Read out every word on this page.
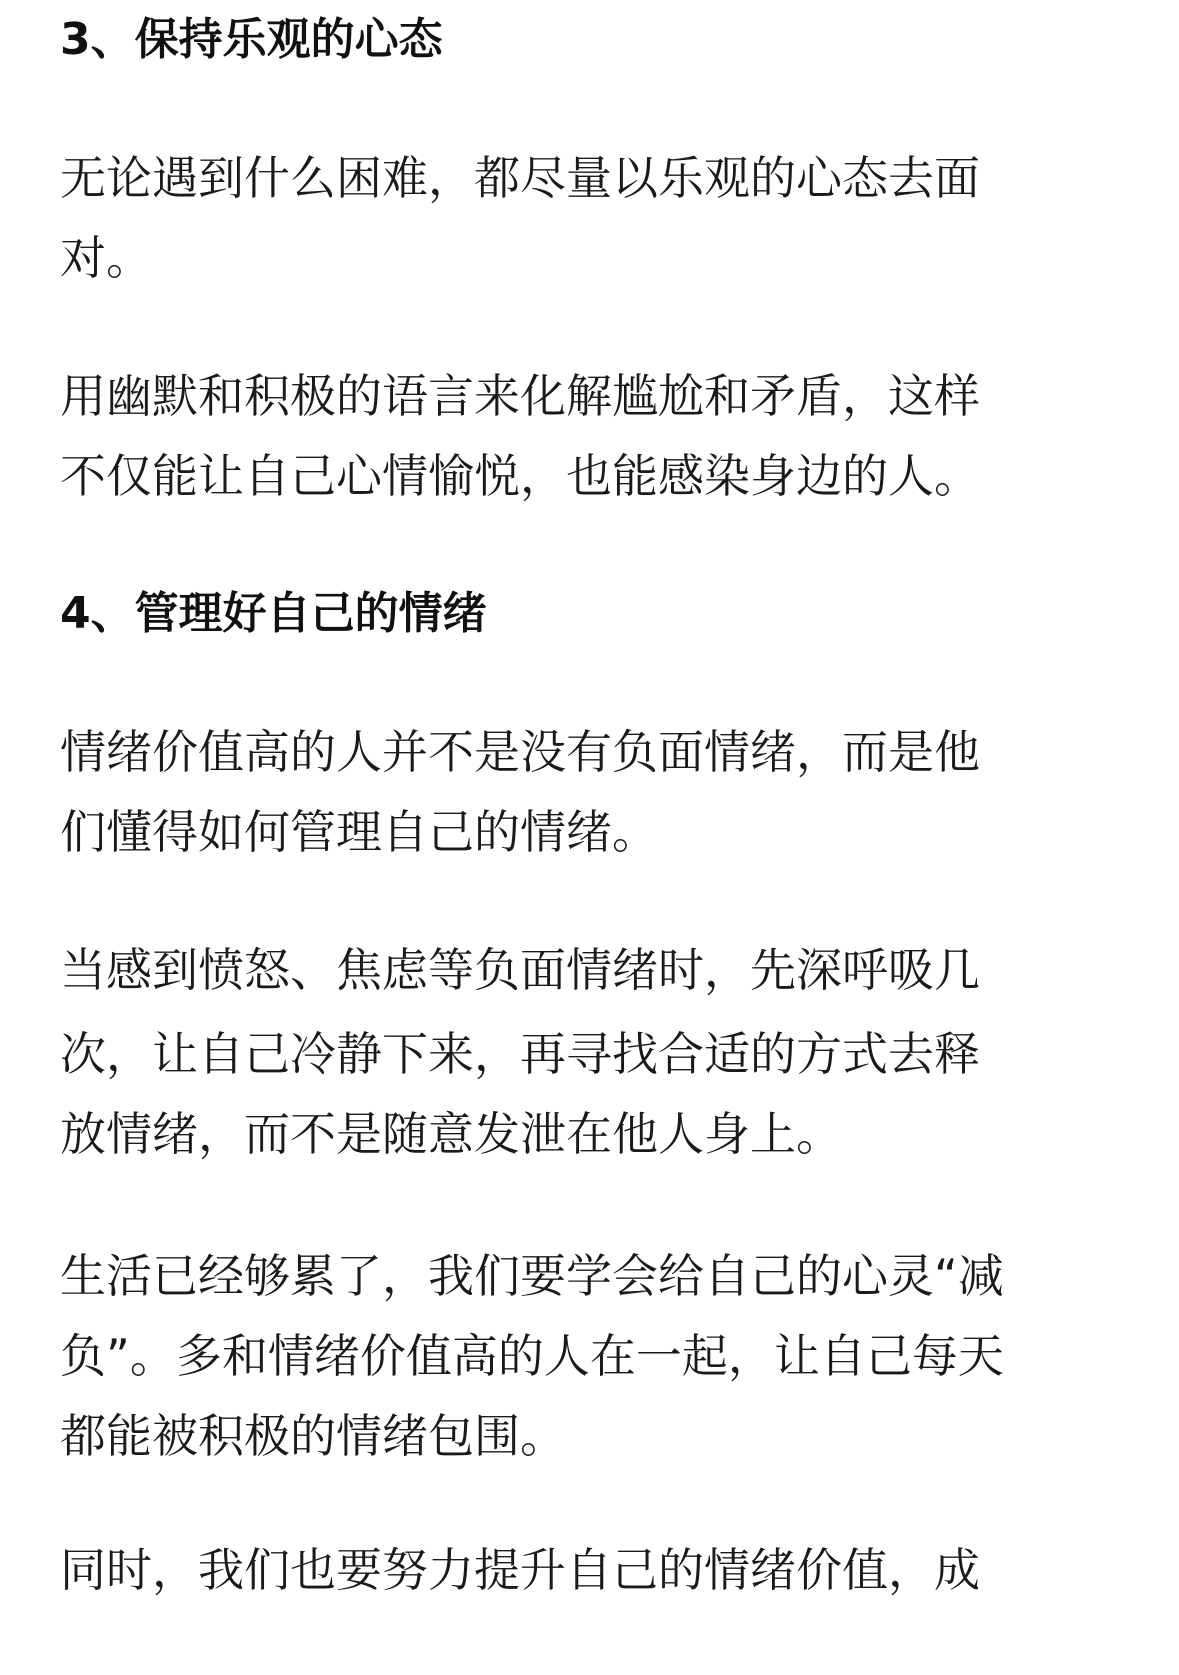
3、保持乐观的心态

无论遇到什么困难，都尽量以乐观的心态去面

对。

用幽默和积极的语言来化解尴尬和矛盾，这样

不仅能让自己心情愉悦，也能感染身边的人。

4、管理好自己的情绪

情绪价值高的人并不是没有负面情绪，而是他

们懂得如何管理自己的情绪。

当感到愤怒、焦虑等负面情绪时，先深呼吸几

次，让自己冷静下来，再寻找合适的方式去释

放情绪，而不是随意发泄在他人身上。

生活已经够累了，我们要学会给自己的心灵“减

负”。多和情绪价值高的人在一起，让自己每天

都能被积极的情绪包围。

同时，我们也要努力提升自己的情绪价值，成
